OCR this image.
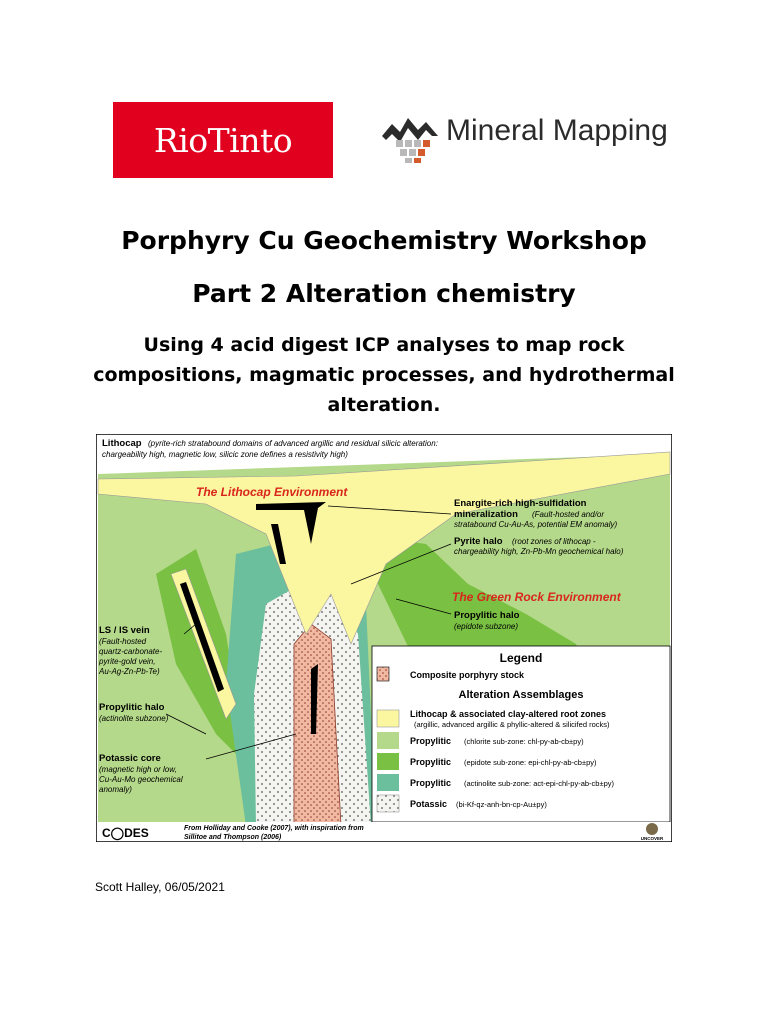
RioTinto	Mineral Mapping
Porphyry Cu Geochemistry Workshop
Part 2 Alteration chemistry
Using 4 acid digest ICP analyses to map rock compositions, magmatic processes, and hydrothermal alteration.
Lithocap (pyrite-rich stratabound domains of advanced argillic and residual silicic alteration:
chargeability high, magnetic low, silicic zone defines a resistivity high)
The Lithocap Environment
Enargite-rich high-sulfidation
mineralization (Fault-hosted and/or
stratabound Cu-Au-As, potential EM anomaly)
Pyrite halo (root zones of lithocap -
chargeability high, Zn-Pb-Mn geochemical halo)
The Green Rock Environment
Propylitic halo
(epidote subzone)
LS / IS vein
(Fault-hosted
quartz-carbonate-
pyrite-gold vein,
Au-Ag-Zn-Pb-Te)
Propylitic halo
(actinolite subzone)
Potassic core
(magnetic high or low,
Cu-Au-Mo geochemical
anomaly)
Legend
Composite porphyry stock
Alteration Assemblages
Lithocap & associated clay-altered root zones
(argillic, advanced argillic & phyllic-altered & silicifed rocks)
Propylitic (chlorite sub-zone: chl-py-ab-cb±py)
Propylitic (epidote sub-zone: epi-chl-py-ab-cb±py)
Propylitic (actinolite sub-zone: act-epi-chl-py-ab-cb±py)
Potassic (bi-Kf-qz-anh-bn-cp-Au±py)
C◯DES	From Holliday and Cooke (2007), with inspiration from
Sillitoe and Thompson (2006)	UNCOVER
Scott Halley, 06/05/2021
